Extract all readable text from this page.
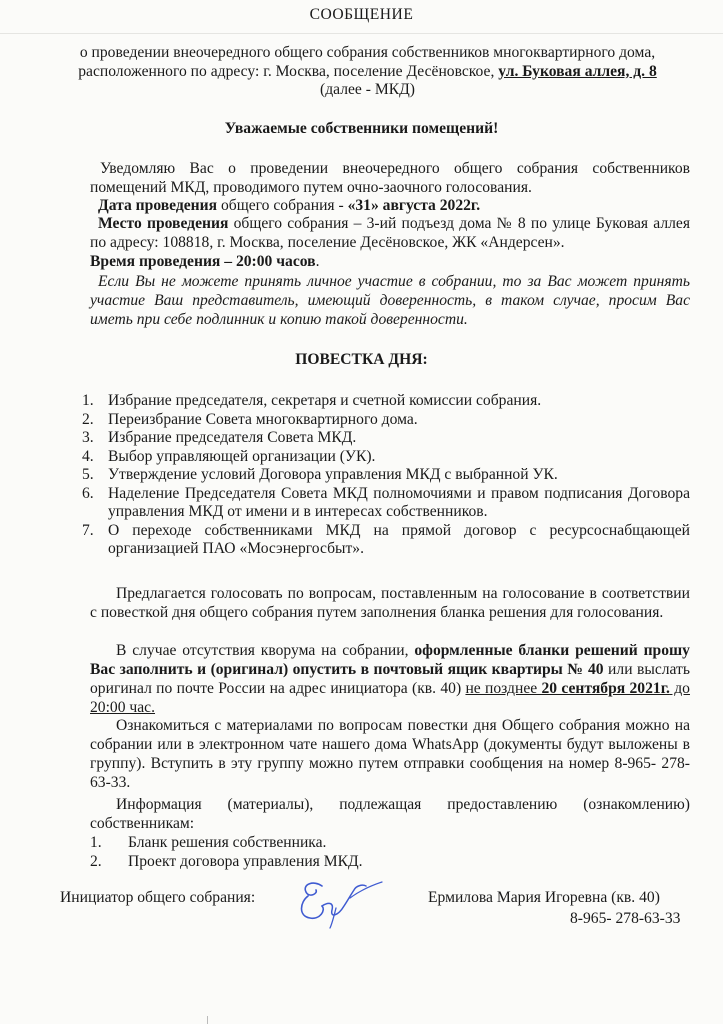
СООБЩЕНИЕ
о проведении внеочередного общего собрания собственников многоквартирного дома,
расположенного по адресу: г. Москва, поселение Десёновское, ул. Буковая аллея, д. 8
(далее - МКД)
Уважаемые собственники помещений!
Уведомляю Вас о проведении внеочередного общего собрания собственников помещений МКД, проводимого путем очно-заочного голосования.
Дата проведения общего собрания - «31» августа 2022г.
Место проведения общего собрания – 3-ий подъезд дома № 8 по улице Буковая аллея по адресу: 108818, г. Москва, поселение Десёновское, ЖК «Андерсен».
Время проведения – 20:00 часов.
Если Вы не можете принять личное участие в собрании, то за Вас может принять участие Ваш представитель, имеющий доверенность, в таком случае, просим Вас иметь при себе подлинник и копию такой доверенности.
ПОВЕСТКА ДНЯ:
1. Избрание председателя, секретаря и счетной комиссии собрания.
2. Переизбрание Совета многоквартирного дома.
3. Избрание председателя Совета МКД.
4. Выбор управляющей организации (УК).
5. Утверждение условий Договора управления МКД с выбранной УК.
6. Наделение Председателя Совета МКД полномочиями и правом подписания Договора управления МКД от имени и в интересах собственников.
7. О переходе собственниками МКД на прямой договор с ресурсоснабщающей организацией ПАО «Мосэнергосбыт».
Предлагается голосовать по вопросам, поставленным на голосование в соответствии с повесткой дня общего собрания путем заполнения бланка решения для голосования.
В случае отсутствия кворума на собрании, оформленные бланки решений прошу Вас заполнить и (оригинал) опустить в почтовый ящик квартиры № 40 или выслать оригинал по почте России на адрес инициатора (кв. 40) не позднее 20 сентября 2021г. до 20:00 час.
Ознакомиться с материалами по вопросам повестки дня Общего собрания можно на собрании или в электронном чате нашего дома WhatsApp (документы будут выложены в группу). Вступить в эту группу можно путем отправки сообщения на номер 8-965- 278-63-33.
Информация (материалы), подлежащая предоставлению (ознакомлению)
собственникам:
1. Бланк решения собственника.
2. Проект договора управления МКД.
Инициатор общего собрания:	Ермилова Мария Игоревна (кв. 40)
8-965- 278-63-33
